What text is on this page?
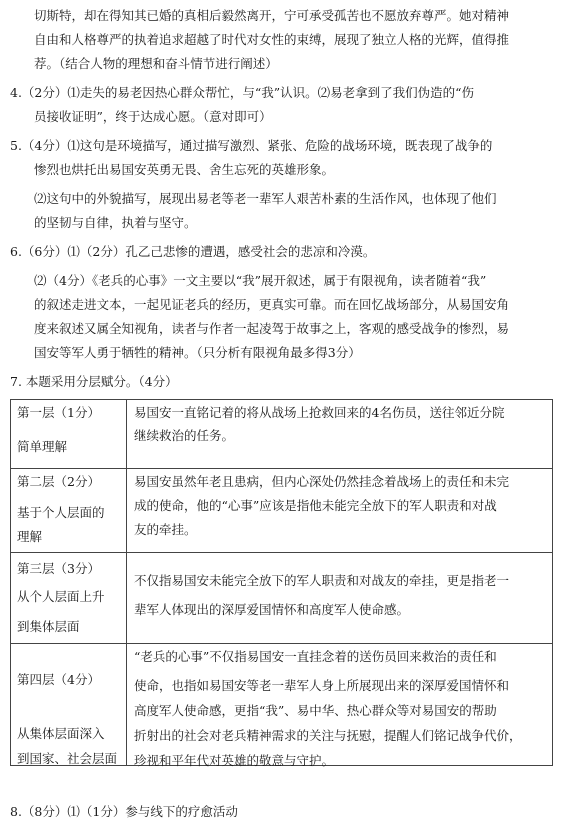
切斯特，却在得知其已婚的真相后毅然离开，宁可承受孤苦也不愿放弃尊严。她对精神
自由和人格尊严的执着追求超越了时代对女性的束缚，展现了独立人格的光辉，值得推
荐。（结合人物的理想和奋斗情节进行阐述）
4.（2分）⑴走失的易老因热心群众帮忙，与“我”认识。⑵易老拿到了我们伪造的“伤
员接收证明”，终于达成心愿。（意对即可）
5.（4分）⑴这句是环境描写，通过描写激烈、紧张、危险的战场环境，既表现了战争的
惨烈也烘托出易国安英勇无畏、舍生忘死的英雄形象。
⑵这句中的外貌描写，展现出易老等老一辈军人艰苦朴素的生活作风，也体现了他们
的坚韧与自律，执着与坚守。
6.（6分）⑴（2分）孔乙己悲惨的遭遇，感受社会的悲凉和冷漠。
⑵（4分）《老兵的心事》一文主要以“我”展开叙述，属于有限视角，读者随着“我”
的叙述走进文本，一起见证老兵的经历，更真实可靠。而在回忆战场部分，从易国安角
度来叙述又属全知视角，读者与作者一起凌驾于故事之上，客观的感受战争的惨烈，易
国安等军人勇于牺牲的精神。（只分析有限视角最多得3分）
7. 本题采用分层赋分。（4分）
第一层（1分）
简单理解	易国安一直铭记着的将从战场上抢救回来的4名伤员，送往邻近分院
继续救治的任务。

第二层（2分）
基于个人层面的
理解	易国安虽然年老且患病，但内心深处仍然挂念着战场上的责任和未完
成的使命，他的“心事”应该是指他未能完全放下的军人职责和对战
友的牵挂。

第三层（3分）
从个人层面上升
到集体层面	不仅指易国安未能完全放下的军人职责和对战友的牵挂，更是指老一
辈军人体现出的深厚爱国情怀和高度军人使命感。

第四层（4分）
从集体层面深入
到国家、社会层面	“老兵的心事”不仅指易国安一直挂念着的送伤员回来救治的责任和
使命，也指如易国安等老一辈军人身上所展现出来的深厚爱国情怀和
高度军人使命感，更指“我”、易中华、热心群众等对易国安的帮助
折射出的社会对老兵精神需求的关注与抚慰，提醒人们铭记战争代价，
珍视和平年代对英雄的敬意与守护。
8.（8分）⑴（1分）参与线下的疗愈活动
